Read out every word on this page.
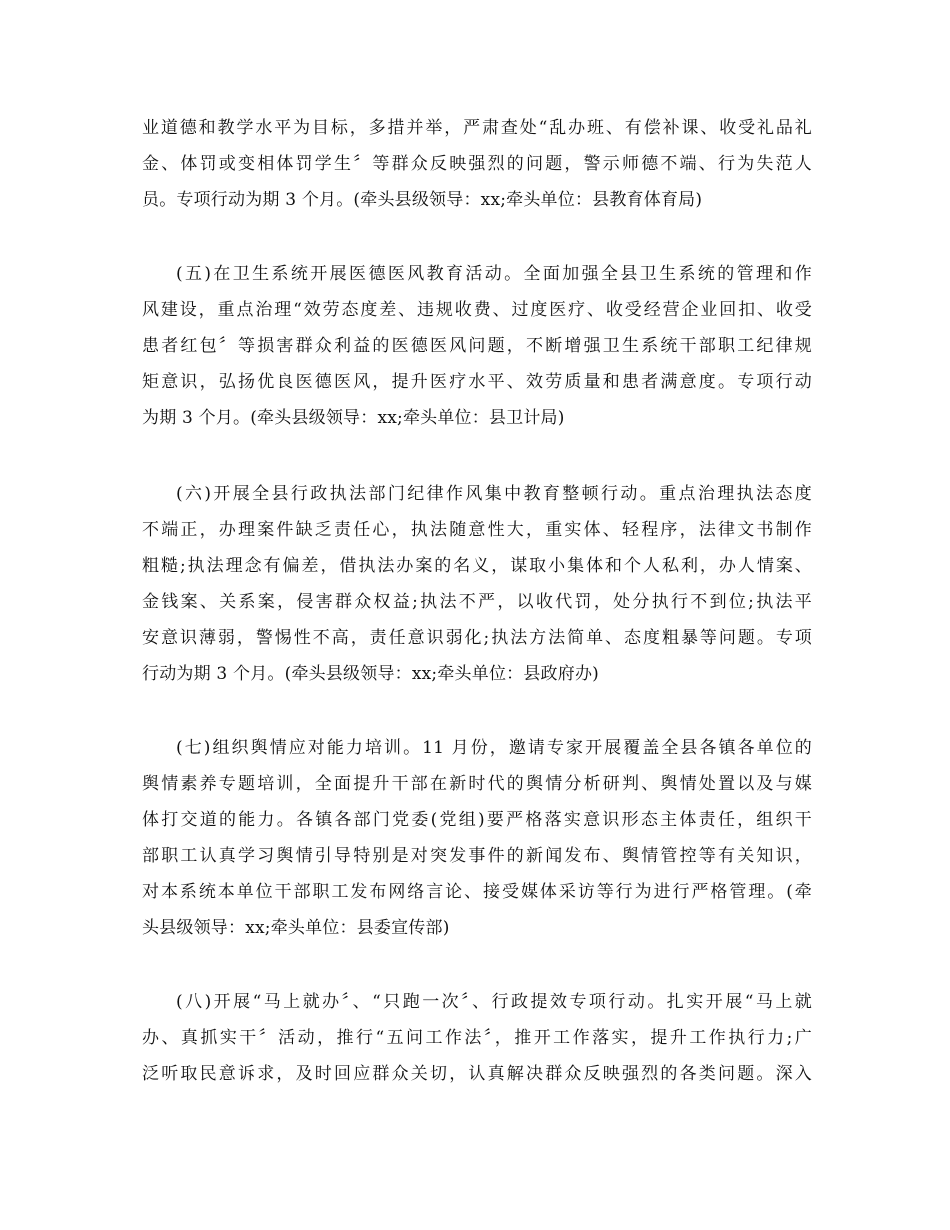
业道德和教学水平为目标，多措并举，严肃查处“乱办班、有偿补课、收受礼品礼
金、体罚或变相体罚学生〞等群众反映强烈的问题，警示师德不端、行为失范人
员。专项行动为期 3 个月。(牵头县级领导：xx;牵头单位：县教育体育局)
(五)在卫生系统开展医德医风教育活动。全面加强全县卫生系统的管理和作
风建设，重点治理“效劳态度差、违规收费、过度医疗、收受经营企业回扣、收受
患者红包〞等损害群众利益的医德医风问题，不断增强卫生系统干部职工纪律规
矩意识，弘扬优良医德医风，提升医疗水平、效劳质量和患者满意度。专项行动
为期 3 个月。(牵头县级领导：xx;牵头单位：县卫计局)
(六)开展全县行政执法部门纪律作风集中教育整顿行动。重点治理执法态度
不端正，办理案件缺乏责任心，执法随意性大，重实体、轻程序，法律文书制作
粗糙;执法理念有偏差，借执法办案的名义，谋取小集体和个人私利，办人情案、
金钱案、关系案，侵害群众权益;执法不严，以收代罚，处分执行不到位;执法平
安意识薄弱，警惕性不高，责任意识弱化;执法方法简单、态度粗暴等问题。专项
行动为期 3 个月。(牵头县级领导：xx;牵头单位：县政府办)
(七)组织舆情应对能力培训。11 月份，邀请专家开展覆盖全县各镇各单位的
舆情素养专题培训，全面提升干部在新时代的舆情分析研判、舆情处置以及与媒
体打交道的能力。各镇各部门党委(党组)要严格落实意识形态主体责任，组织干
部职工认真学习舆情引导特别是对突发事件的新闻发布、舆情管控等有关知识，
对本系统本单位干部职工发布网络言论、接受媒体采访等行为进行严格管理。(牵
头县级领导：xx;牵头单位：县委宣传部)
(八)开展“马上就办〞、“只跑一次〞、行政提效专项行动。扎实开展“马上就
办、真抓实干〞活动，推行“五问工作法〞，推开工作落实，提升工作执行力;广
泛听取民意诉求，及时回应群众关切，认真解决群众反映强烈的各类问题。深入
